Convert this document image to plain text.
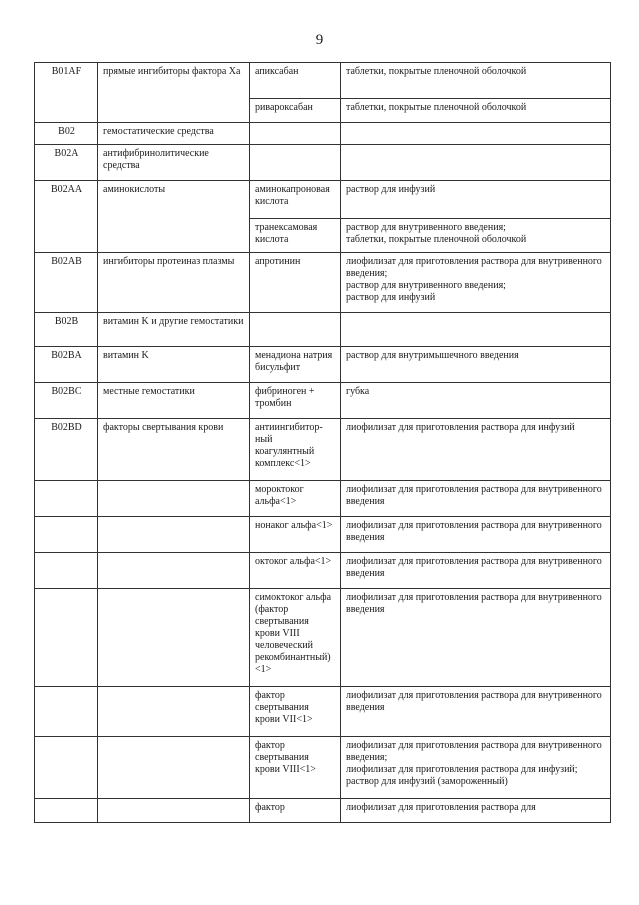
9
B01AF	прямые ингибиторы фактора Xa	апиксабан	таблетки, покрытые пленочной оболочкой
		ривароксабан	таблетки, покрытые пленочной оболочкой
B02	гемостатические средства		
B02A	антифибринолитические средства		
B02AA	аминокислоты	аминокапроновая кислота	раствор для инфузий
		транексамовая кислота	раствор для внутривенного введения;
таблетки, покрытые пленочной оболочкой
B02AB	ингибиторы протеиназ плазмы	апротинин	лиофилизат для приготовления раствора для внутривенного введения;
раствор для внутривенного введения;
раствор для инфузий
B02B	витамин K и другие гемостатики		
B02BA	витамин K	менадиона натрия бисульфит	раствор для внутримышечного введения
B02BC	местные гемостатики	фибриноген + тромбин	губка
B02BD	факторы свертывания крови	антиингибитор-
ный
коагулянтный
комплекс<1>	лиофилизат для приготовления раствора для инфузий
		мороктоког альфа<1>	лиофилизат для приготовления раствора для внутривенного введения
		нонаког альфа<1>	лиофилизат для приготовления раствора для внутривенного введения
		октоког альфа<1>	лиофилизат для приготовления раствора для внутривенного введения
		симоктоког альфа (фактор свертывания крови VIII человеческий рекомбинантный)
<1>	лиофилизат для приготовления раствора для внутривенного введения
		фактор свертывания крови VII<1>	лиофилизат для приготовления раствора для внутривенного введения
		фактор свертывания крови VIII<1>	лиофилизат для приготовления раствора для внутривенного введения;
лиофилизат для приготовления раствора для инфузий;
раствор для инфузий (замороженный)
		фактор	лиофилизат для приготовления раствора для
